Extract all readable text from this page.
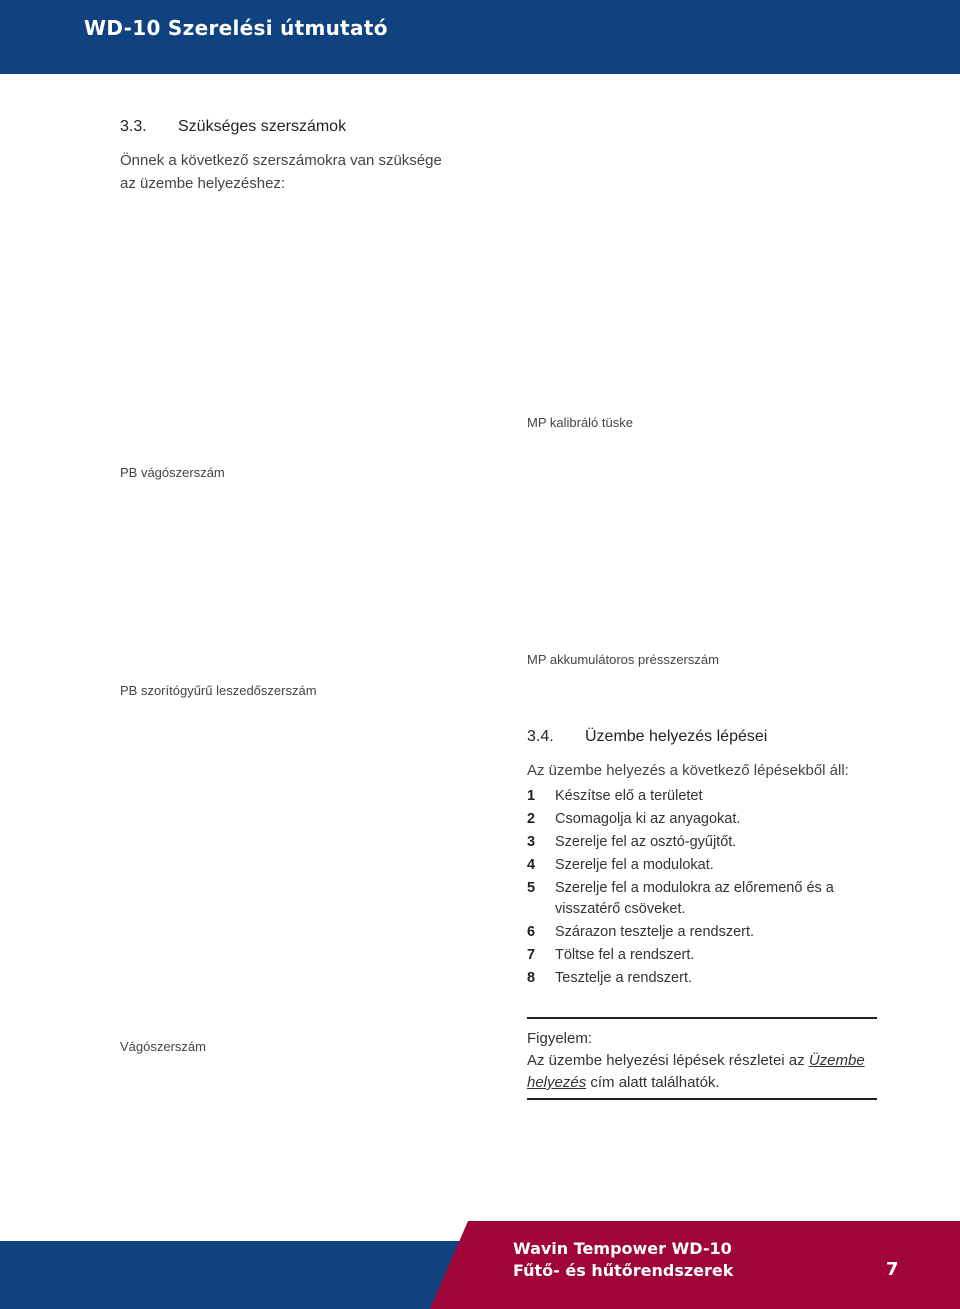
WD-10 Szerelési útmutató
3.3. Szükséges szerszámok
Önnek a következő szerszámokra van szüksége
az üzembe helyezéshez:
MP kalibráló tüske
PB vágószerszám
MP akkumulátoros présszerszám
PB szorítógyűrű leszedőszerszám
3.4. Üzembe helyezés lépései
Az üzembe helyezés a következő lépésekből áll:
1	Készítse elő a területet
2	Csomagolja ki az anyagokat.
3	Szerelje fel az osztó-gyűjtőt.
4	Szerelje fel a modulokat.
5	Szerelje fel a modulokra az előremenő és a visszatérő csöveket.
6	Szárazon tesztelje a rendszert.
7	Töltse fel a rendszert.
8	Tesztelje a rendszert.
Vágószerszám	Figyelem:
Az üzembe helyezési lépések részletei az Üzembe helyezés cím alatt találhatók.
Wavin Tempower WD-10
Fűtő- és hűtőrendszerek	7
